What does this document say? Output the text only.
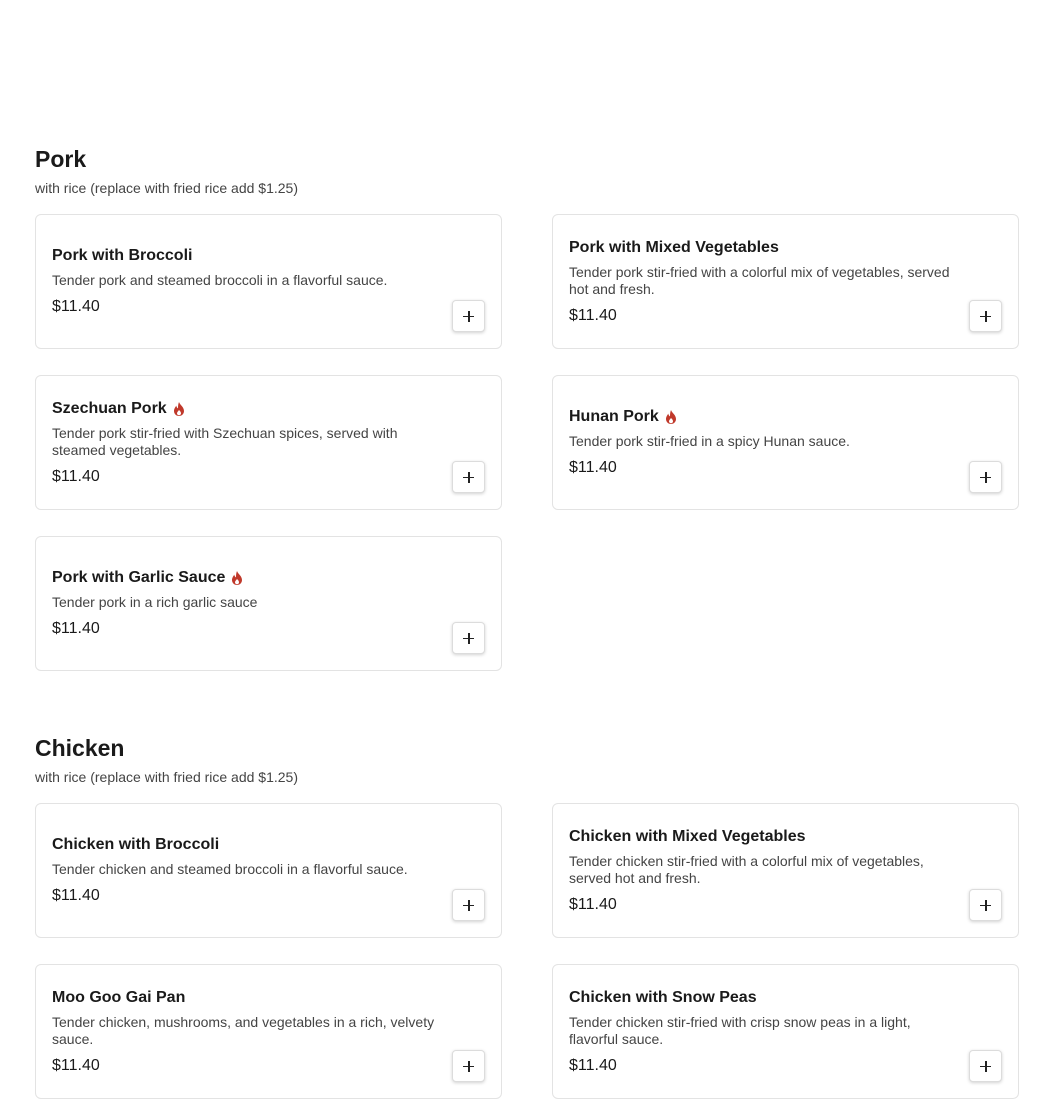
Pork
with rice (replace with fried rice add $1.25)
Pork with Broccoli
Tender pork and steamed broccoli in a flavorful sauce.
$11.40
Pork with Mixed Vegetables
Tender pork stir-fried with a colorful mix of vegetables, served hot and fresh.
$11.40
Szechuan Pork
Tender pork stir-fried with Szechuan spices, served with steamed vegetables.
$11.40
Hunan Pork
Tender pork stir-fried in a spicy Hunan sauce.
$11.40
Pork with Garlic Sauce
Tender pork in a rich garlic sauce
$11.40
Chicken
with rice (replace with fried rice add $1.25)
Chicken with Broccoli
Tender chicken and steamed broccoli in a flavorful sauce.
$11.40
Chicken with Mixed Vegetables
Tender chicken stir-fried with a colorful mix of vegetables, served hot and fresh.
$11.40
Moo Goo Gai Pan
Tender chicken, mushrooms, and vegetables in a rich, velvety sauce.
$11.40
Chicken with Snow Peas
Tender chicken stir-fried with crisp snow peas in a light, flavorful sauce.
$11.40
